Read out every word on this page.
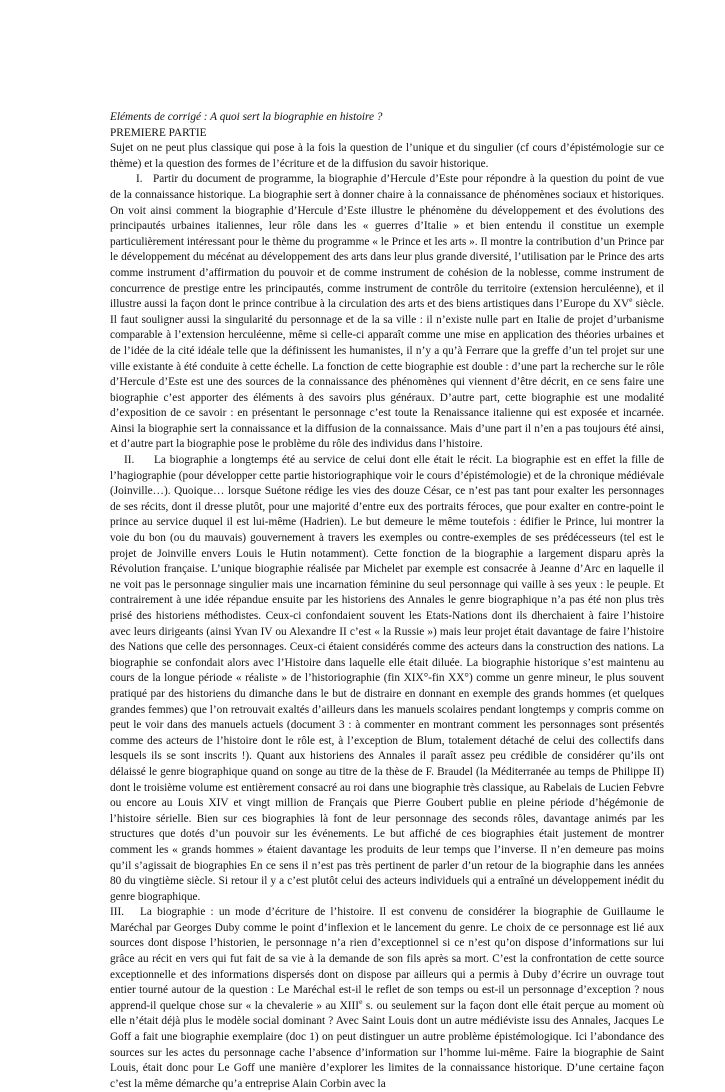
Eléments de corrigé : A quoi sert la biographie en histoire ?

PREMIERE PARTIE

Sujet on ne peut plus classique qui pose à la fois la question de l’unique et du singulier (cf cours d’épistémologie sur ce thème) et la question des formes de l’écriture et de la diffusion du savoir historique.

I. Partir du document de programme, la biographie d’Hercule d’Este pour répondre à la question du point de vue de la connaissance historique. La biographie sert à donner chaire à la connaissance de phénomènes sociaux et historiques. On voit ainsi comment la biographie d’Hercule d’Este illustre le phénomène du développement et des évolutions des principautés urbaines italiennes, leur rôle dans les « guerres d’Italie » et bien entendu il constitue un exemple particulièrement intéressant pour le thème du programme « le Prince et les arts ». Il montre la contribution d’un Prince par le développement du mécénat au développement des arts dans leur plus grande diversité, l’utilisation par le Prince des arts comme instrument d’affirmation du pouvoir et de comme instrument de cohésion de la noblesse, comme instrument de concurrence de prestige entre les principautés, comme instrument de contrôle du territoire (extension herculéenne), et il illustre aussi la façon dont le prince contribue à la circulation des arts et des biens artistiques dans l’Europe du XVe siècle. Il faut souligner aussi la singularité du personnage et de la sa ville : il n’existe nulle part en Italie de projet d’urbanisme comparable à l’extension herculéenne, même si celle-ci apparaît comme une mise en application des théories urbaines et de l’idée de la cité idéale telle que la définissent les humanistes, il n’y a qu’à Ferrare que la greffe d’un tel projet sur une ville existante à été conduite à cette échelle. La fonction de cette biographie est double : d’une part la recherche sur le rôle d’Hercule d’Este est une des sources de la connaissance des phénomènes qui viennent d’être décrit, en ce sens faire une biographie c’est apporter des éléments à des savoirs plus généraux. D’autre part, cette biographie est une modalité d’exposition de ce savoir : en présentant le personnage c’est toute la Renaissance italienne qui est exposée et incarnée. Ainsi la biographie sert la connaissance et la diffusion de la connaissance. Mais d’une part il n’en a pas toujours été ainsi, et d’autre part la biographie pose le problème du rôle des individus dans l’histoire.

II. La biographie a longtemps été au service de celui dont elle était le récit. La biographie est en effet la fille de l’hagiographie (pour développer cette partie historiographique voir le cours d’épistémologie) et de la chronique médiévale (Joinville…). Quoique… lorsque Suétone rédige les vies des douze César, ce n’est pas tant pour exalter les personnages de ses récits, dont il dresse plutôt, pour une majorité d’entre eux des portraits féroces, que pour exalter en contre-point le prince au service duquel il est lui-même (Hadrien). Le but demeure le même toutefois : édifier le Prince, lui montrer la voie du bon (ou du mauvais) gouvernement à travers les exemples ou contre-exemples de ses prédécesseurs (tel est le projet de Joinville envers Louis le Hutin notamment). Cette fonction de la biographie a largement disparu après la Révolution française. L’unique biographie réalisée par Michelet par exemple est consacrée à Jeanne d’Arc en laquelle il ne voit pas le personnage singulier mais une incarnation féminine du seul personnage qui vaille à ses yeux : le peuple. Et contrairement à une idée répandue ensuite par les historiens des Annales le genre biographique n’a pas été non plus très prisé des historiens méthodistes. Ceux-ci confondaient souvent les Etats-Nations dont ils dherchaient à faire l’histoire avec leurs dirigeants (ainsi Yvan IV ou Alexandre II c’est « la Russie ») mais leur projet était davantage de faire l’histoire des Nations que celle des personnages. Ceux-ci étaient considérés comme des acteurs dans la construction des nations. La biographie se confondait alors avec l’Histoire dans laquelle elle était diluée. La biographie historique s’est maintenu au cours de la longue période « réaliste » de l’historiographie (fin XIX°-fin XX°) comme un genre mineur, le plus souvent pratiqué par des historiens du dimanche dans le but de distraire en donnant en exemple des grands hommes (et quelques grandes femmes) que l’on retrouvait exaltés d’ailleurs dans les manuels scolaires pendant longtemps y compris comme on peut le voir dans des manuels actuels (document 3 : à commenter en montrant comment les personnages sont présentés comme des acteurs de l’histoire dont le rôle est, à l’exception de Blum, totalement détaché de celui des collectifs dans lesquels ils se sont inscrits !). Quant aux historiens des Annales il paraît assez peu crédible de considérer qu’ils ont délaissé le genre biographique quand on songe au titre de la thèse de F. Braudel (la Méditerranée au temps de Philippe II) dont le troisième volume est entièrement consacré au roi dans une biographie très classique, au Rabelais de Lucien Febvre ou encore au Louis XIV et vingt million de Français que Pierre Goubert publie en pleine période d’hégémonie de l’histoire sérielle. Bien sur ces biographies là font de leur personnage des seconds rôles, davantage animés par les structures que dotés d’un pouvoir sur les événements. Le but affiché de ces biographies était justement de montrer comment les « grands hommes » étaient davantage les produits de leur temps que l’inverse. Il n’en demeure pas moins qu’il s’agissait de biographies En ce sens il n’est pas très pertinent de parler d’un retour de la biographie dans les années 80 du vingtième siècle. Si retour il y a c’est plutôt celui des acteurs individuels qui a entraîné un développement inédit du genre biographique.

III. La biographie : un mode d’écriture de l’histoire. Il est convenu de considérer la biographie de Guillaume le Maréchal par Georges Duby comme le point d’inflexion et le lancement du genre. Le choix de ce personnage est lié aux sources dont dispose l’historien, le personnage n’a rien d’exceptionnel si ce n’est qu’on dispose d’informations sur lui grâce au récit en vers qui fut fait de sa vie à la demande de son fils après sa mort. C’est la confrontation de cette source exceptionnelle et des informations dispersés dont on dispose par ailleurs qui a permis à Duby d’écrire un ouvrage tout entier tourné autour de la question : Le Maréchal est-il le reflet de son temps ou est-il un personnage d’exception ? nous apprend-il quelque chose sur « la chevalerie » au XIIIe s. ou seulement sur la façon dont elle était perçue au moment où elle n’était déjà plus le modèle social dominant ? Avec Saint Louis dont un autre médiéviste issu des Annales, Jacques Le Goff a fait une biographie exemplaire (doc 1) on peut distinguer un autre problème épistémologique. Ici l’abondance des sources sur les actes du personnage cache l’absence d’information sur l’homme lui-même. Faire la biographie de Saint Louis, était donc pour Le Goff une manière d’explorer les limites de la connaissance historique. D’une certaine façon c’est la même démarche qu’a entreprise Alain Corbin avec la
